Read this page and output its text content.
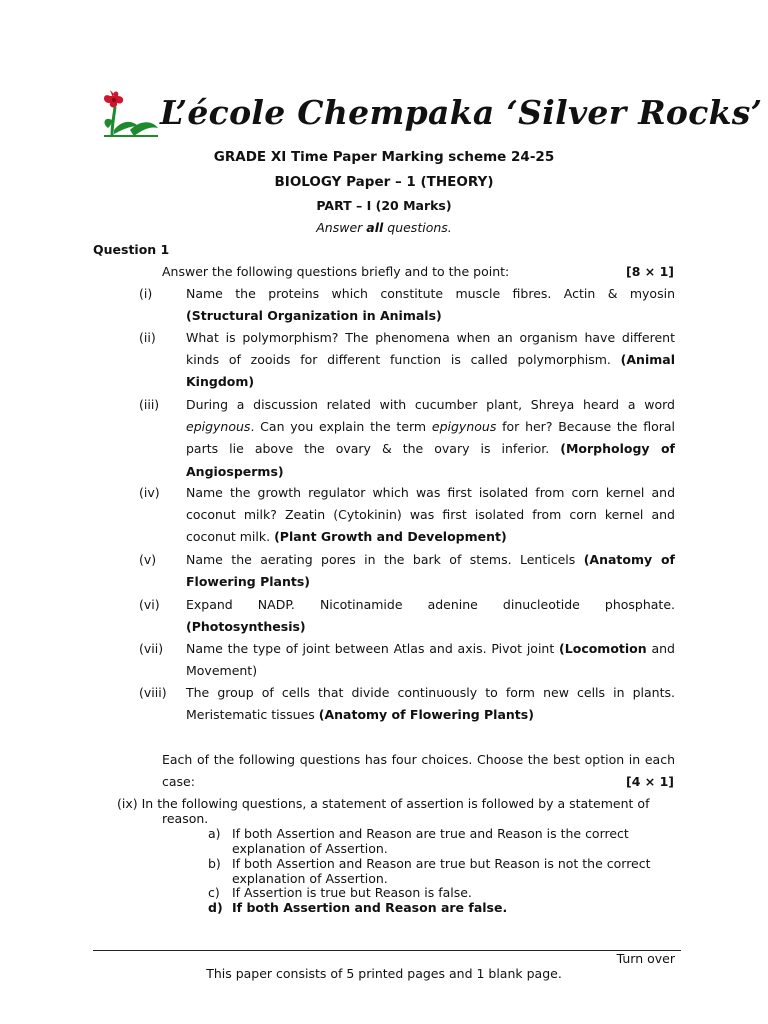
L’école Chempaka ‘Silver Rocks’
GRADE XI Time Paper Marking scheme 24-25
BIOLOGY Paper – 1 (THEORY)
PART – I (20 Marks)
Answer all questions.
Question 1
Answer the following questions briefly and to the point:	[8 × 1]
(i)	Name the proteins which constitute muscle fibres. Actin & myosin (Structural Organization in Animals)
(ii) What is polymorphism? The phenomena when an organism have different kinds of zooids for different function is called polymorphism. (Animal Kingdom)
(iii) During a discussion related with cucumber plant, Shreya heard a word epigynous. Can you explain the term epigynous for her? Because the floral parts lie above the ovary & the ovary is inferior. (Morphology of Angiosperms)
(iv) Name the growth regulator which was first isolated from corn kernel and coconut milk? Zeatin (Cytokinin) was first isolated from corn kernel and coconut milk. (Plant Growth and Development)
(v) Name the aerating pores in the bark of stems. Lenticels (Anatomy of Flowering Plants)
(vi) Expand NADP. Nicotinamide adenine dinucleotide phosphate. (Photosynthesis)
(vii) Name the type of joint between Atlas and axis. Pivot joint (Locomotion and Movement)
(viii) The group of cells that divide continuously to form new cells in plants. Meristematic tissues (Anatomy of Flowering Plants)
Each of the following questions has four choices. Choose the best option in each case:	[4 × 1]
(ix) In the following questions, a statement of assertion is followed by a statement of
reason.
a) If both Assertion and Reason are true and Reason is the correct explanation of Assertion.
b) If both Assertion and Reason are true but Reason is not the correct explanation of Assertion.
c) If Assertion is true but Reason is false.
d) If both Assertion and Reason are false.
Turn over
This paper consists of 5 printed pages and 1 blank page.
